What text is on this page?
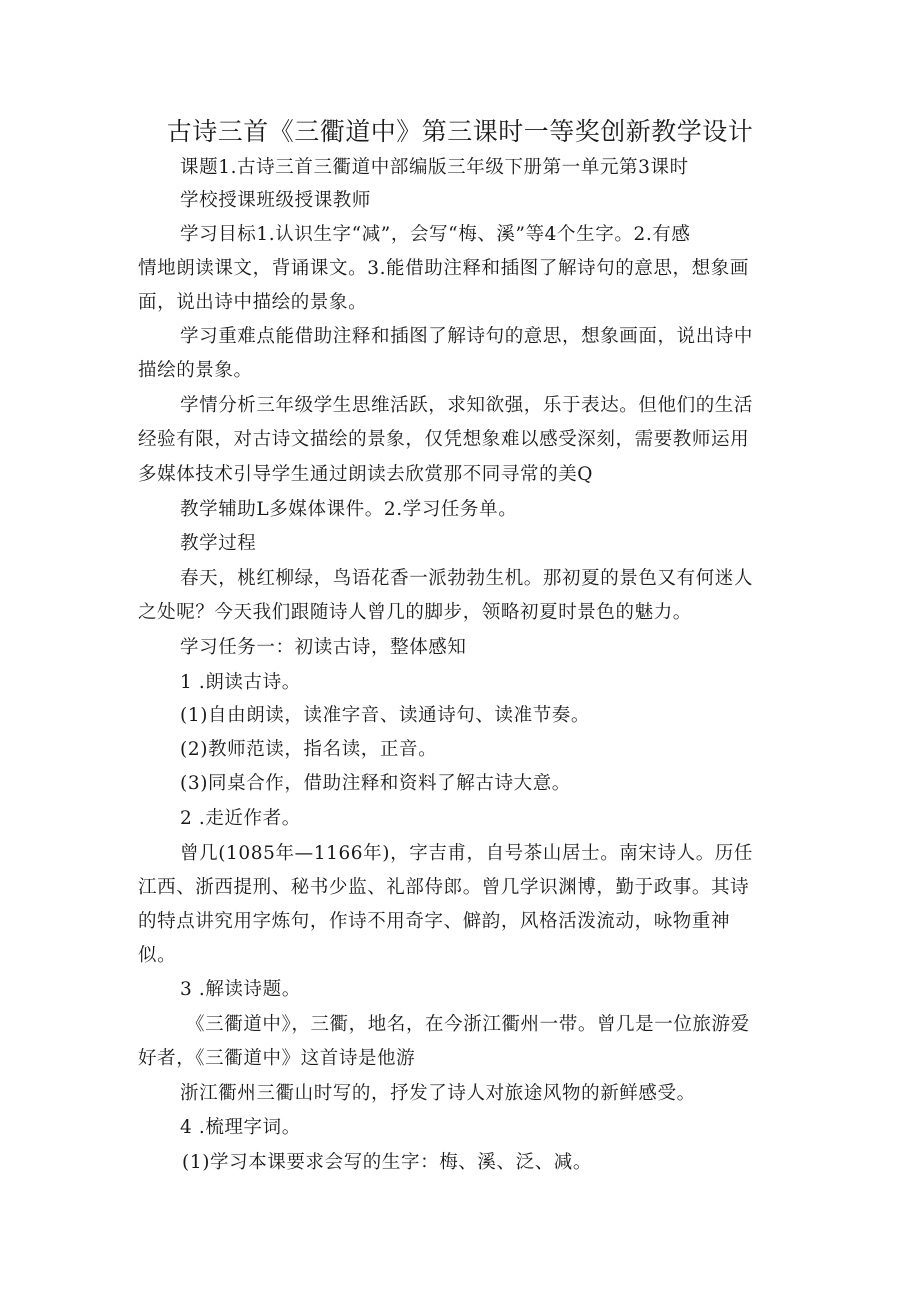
古诗三首《三衢道中》第三课时一等奖创新教学设计
课题1.古诗三首三衢道中部编版三年级下册第一单元第3课时
学校授课班级授课教师
学习目标1.认识生字“减”，会写“梅、溪”等4个生字。2.有感
情地朗读课文，背诵课文。3.能借助注释和插图了解诗句的意思，想象画
面，说出诗中描绘的景象。
学习重难点能借助注释和插图了解诗句的意思，想象画面，说出诗中
描绘的景象。
学情分析三年级学生思维活跃，求知欲强，乐于表达。但他们的生活
经验有限，对古诗文描绘的景象，仅凭想象难以感受深刻，需要教师运用
多媒体技术引导学生通过朗读去欣赏那不同寻常的美Q
教学辅助L多媒体课件。2.学习任务单。
教学过程
春天，桃红柳绿，鸟语花香一派勃勃生机。那初夏的景色又有何迷人
之处呢？今天我们跟随诗人曾几的脚步，领略初夏时景色的魅力。
学习任务一：初读古诗，整体感知
1 .朗读古诗。
(1)自由朗读，读准字音、读通诗句、读准节奏。
(2)教师范读，指名读，正音。
(3)同桌合作，借助注释和资料了解古诗大意。
2 .走近作者。
曾几(1085年—1166年)，字吉甫，自号茶山居士。南宋诗人。历任
江西、浙西提刑、秘书少监、礼部侍郎。曾几学识渊博，勤于政事。其诗
的特点讲究用字炼句，作诗不用奇字、僻韵，风格活泼流动，咏物重神
似。
3 .解读诗题。
《三衢道中》，三衢，地名，在今浙江衢州一带。曾几是一位旅游爱
好者，《三衢道中》这首诗是他游
浙江衢州三衢山时写的，抒发了诗人对旅途风物的新鲜感受。
4 .梳理字词。
(1)学习本课要求会写的生字：梅、溪、泛、减。
